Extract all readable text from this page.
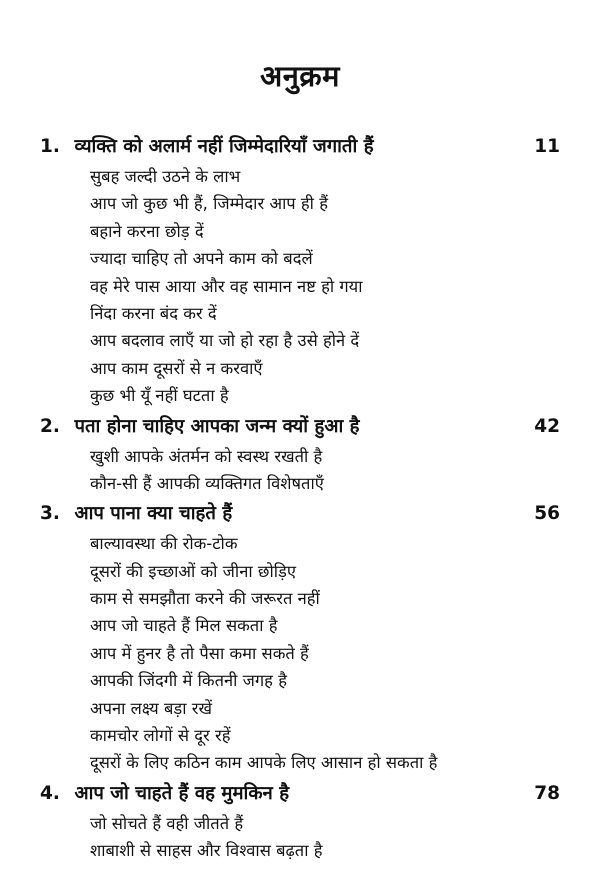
अनुक्रम
1. व्यक्ति को अलार्म नहीं जिम्मेदारियाँ जगाती हैं	11
सुबह जल्दी उठने के लाभ
आप जो कुछ भी हैं, जिम्मेदार आप ही हैं
बहाने करना छोड़ दें
ज्यादा चाहिए तो अपने काम को बदलें
वह मेरे पास आया और वह सामान नष्ट हो गया
निंदा करना बंद कर दें
आप बदलाव लाएँ या जो हो रहा है उसे होने दें
आप काम दूसरों से न करवाएँ
कुछ भी यूँ नहीं घटता है
2. पता होना चाहिए आपका जन्म क्यों हुआ है	42
खुशी आपके अंतर्मन को स्वस्थ रखती है
कौन-सी हैं आपकी व्यक्तिगत विशेषताएँ
3. आप पाना क्या चाहते हैं	56
बाल्यावस्था की रोक-टोक
दूसरों की इच्छाओं को जीना छोड़िए
काम से समझौता करने की जरूरत नहीं
आप जो चाहते हैं मिल सकता है
आप में हुनर है तो पैसा कमा सकते हैं
आपकी जिंदगी में कितनी जगह है
अपना लक्ष्य बड़ा रखें
कामचोर लोगों से दूर रहें
दूसरों के लिए कठिन काम आपके लिए आसान हो सकता है
4. आप जो चाहते हैं वह मुमकिन है	78
जो सोचते हैं वही जीतते हैं
शाबाशी से साहस और विश्वास बढ़ता है
